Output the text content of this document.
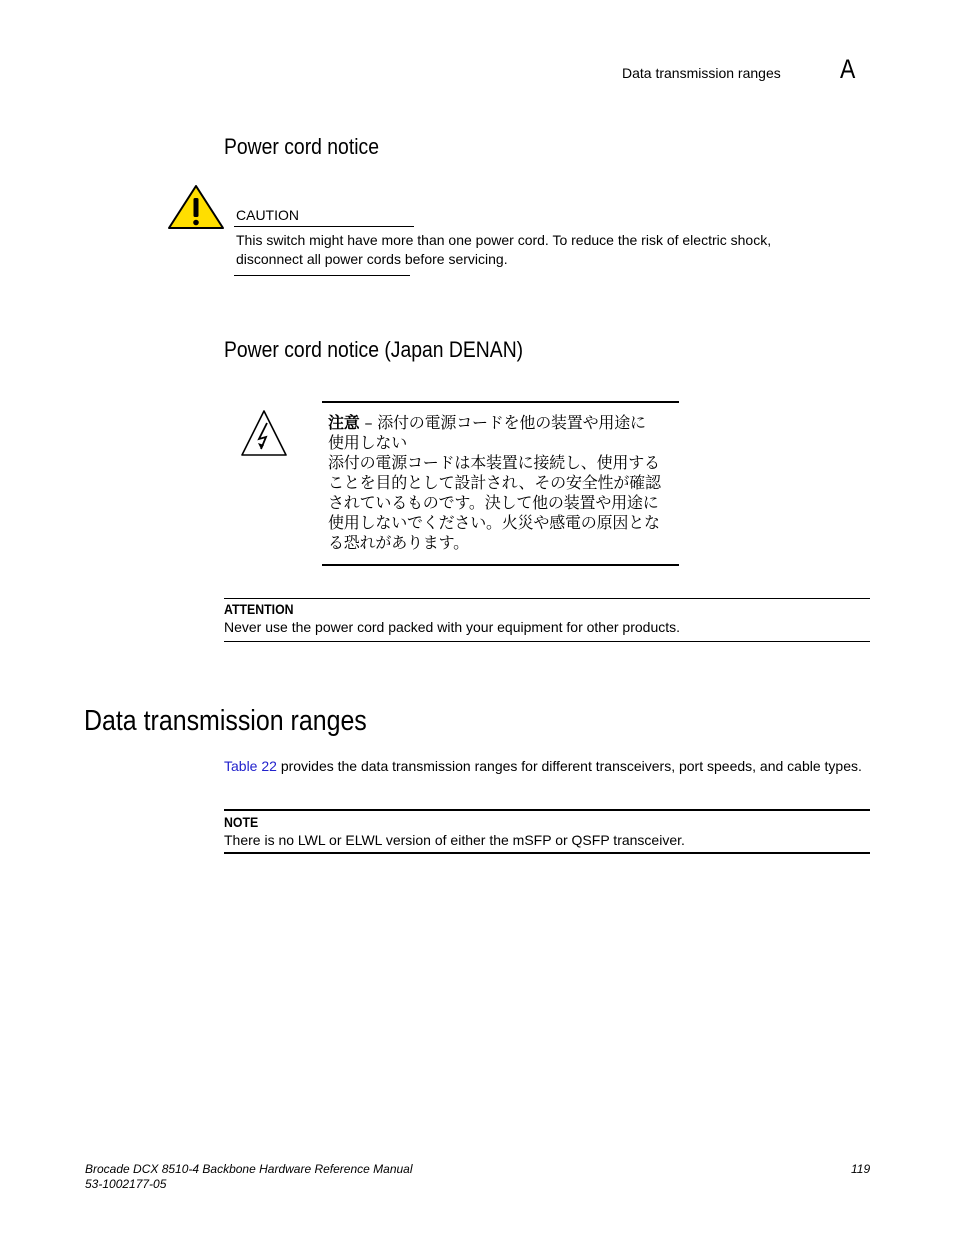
Data transmission ranges A
Power cord notice
CAUTION
This switch might have more than one power cord. To reduce the risk of electric shock, disconnect all power cords before servicing.
Power cord notice (Japan DENAN)
注意 – 添付の電源コードを他の装置や用途に
使用しない
添付の電源コードは本装置に接続し、使用する
ことを目的として設計され、その安全性が確認
されているものです。決して他の装置や用途に
使用しないでください。火災や感電の原因とな
る恐れがあります。
ATTENTION
Never use the power cord packed with your equipment for other products.
Data transmission ranges
Table 22 provides the data transmission ranges for different transceivers, port speeds, and cable types.
NOTE
There is no LWL or ELWL version of either the mSFP or QSFP transceiver.
Brocade DCX 8510-4 Backbone Hardware Reference Manual
53-1002177-05
119
